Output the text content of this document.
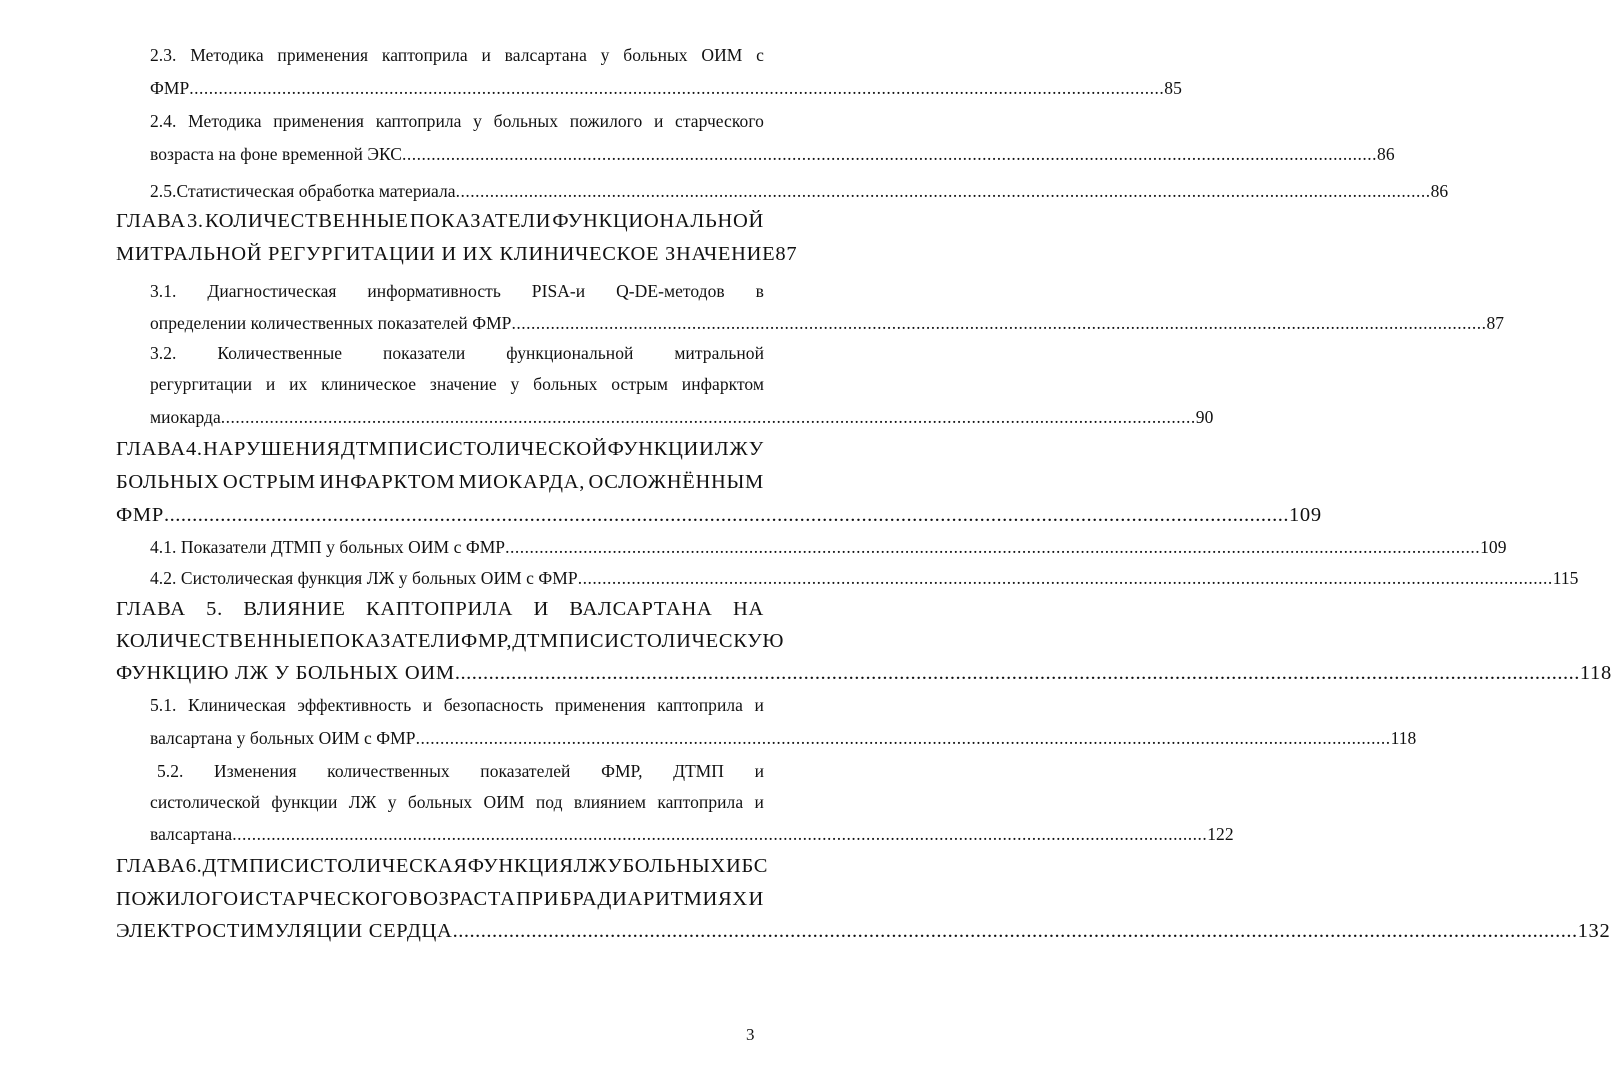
2.3. Методика применения каптоприла и валсартана у больных ОИМ с
ФМР ........................................................................................................................................................................................................ 85
2.4. Методика применения каптоприла у больных пожилого и старческого
возраста на фоне временной ЭКС ........................................................................................................................................................................................................ 86
2.5.Статистическая обработка материала ........................................................................................................................................................................................................ 86
ГЛАВА 3. КОЛИЧЕСТВЕННЫЕ ПОКАЗАТЕЛИ ФУНКЦИОНАЛЬНОЙ
МИТРАЛЬНОЙ РЕГУРГИТАЦИИ И ИХ КЛИНИЧЕСКОЕ ЗНАЧЕНИЕ 87
3.1. Диагностическая информативность PISA-и Q-DE-методов в
определении количественных показателей ФМР ........................................................................................................................................................................................................ 87
3.2. Количественные показатели функциональной митральной
регургитации и их клиническое значение у больных острым инфарктом
миокарда ........................................................................................................................................................................................................ 90
ГЛАВА 4. НАРУШЕНИЯ ДТМП И СИСТОЛИЧЕСКОЙ ФУНКЦИИ ЛЖ У
БОЛЬНЫХ ОСТРЫМ ИНФАРКТОМ МИОКАРДА, ОСЛОЖНЁННЫМ
ФМР ........................................................................................................................................................................................................ 109
4.1. Показатели ДТМП у больных ОИМ с ФМР ........................................................................................................................................................................................................ 109
4.2. Систолическая функция ЛЖ у больных ОИМ с ФМР ........................................................................................................................................................................................................ 115
ГЛАВА 5. ВЛИЯНИЕ КАПТОПРИЛА И ВАЛСАРТАНА НА
КОЛИЧЕСТВЕННЫЕ ПОКАЗАТЕЛИ ФМР, ДТМП И СИСТОЛИЧЕСКУЮ
ФУНКЦИЮ ЛЖ У БОЛЬНЫХ ОИМ ........................................................................................................................................................................................................ 118
5.1. Клиническая эффективность и безопасность применения каптоприла и
валсартана у больных ОИМ с ФМР ........................................................................................................................................................................................................ 118
5.2. Изменения количественных показателей ФМР, ДТМП и
систолической функции ЛЖ у больных ОИМ под влиянием каптоприла и
валсартана ........................................................................................................................................................................................................ 122
ГЛАВА 6. ДТМП И СИСТОЛИЧЕСКАЯ ФУНКЦИЯ ЛЖ У БОЛЬНЫХ ИБС
ПОЖИЛОГО И СТАРЧЕСКОГО ВОЗРАСТА ПРИ БРАДИАРИТМИЯХ И
ЭЛЕКТРОСТИМУЛЯЦИИ СЕРДЦА ........................................................................................................................................................................................................ 132
3
